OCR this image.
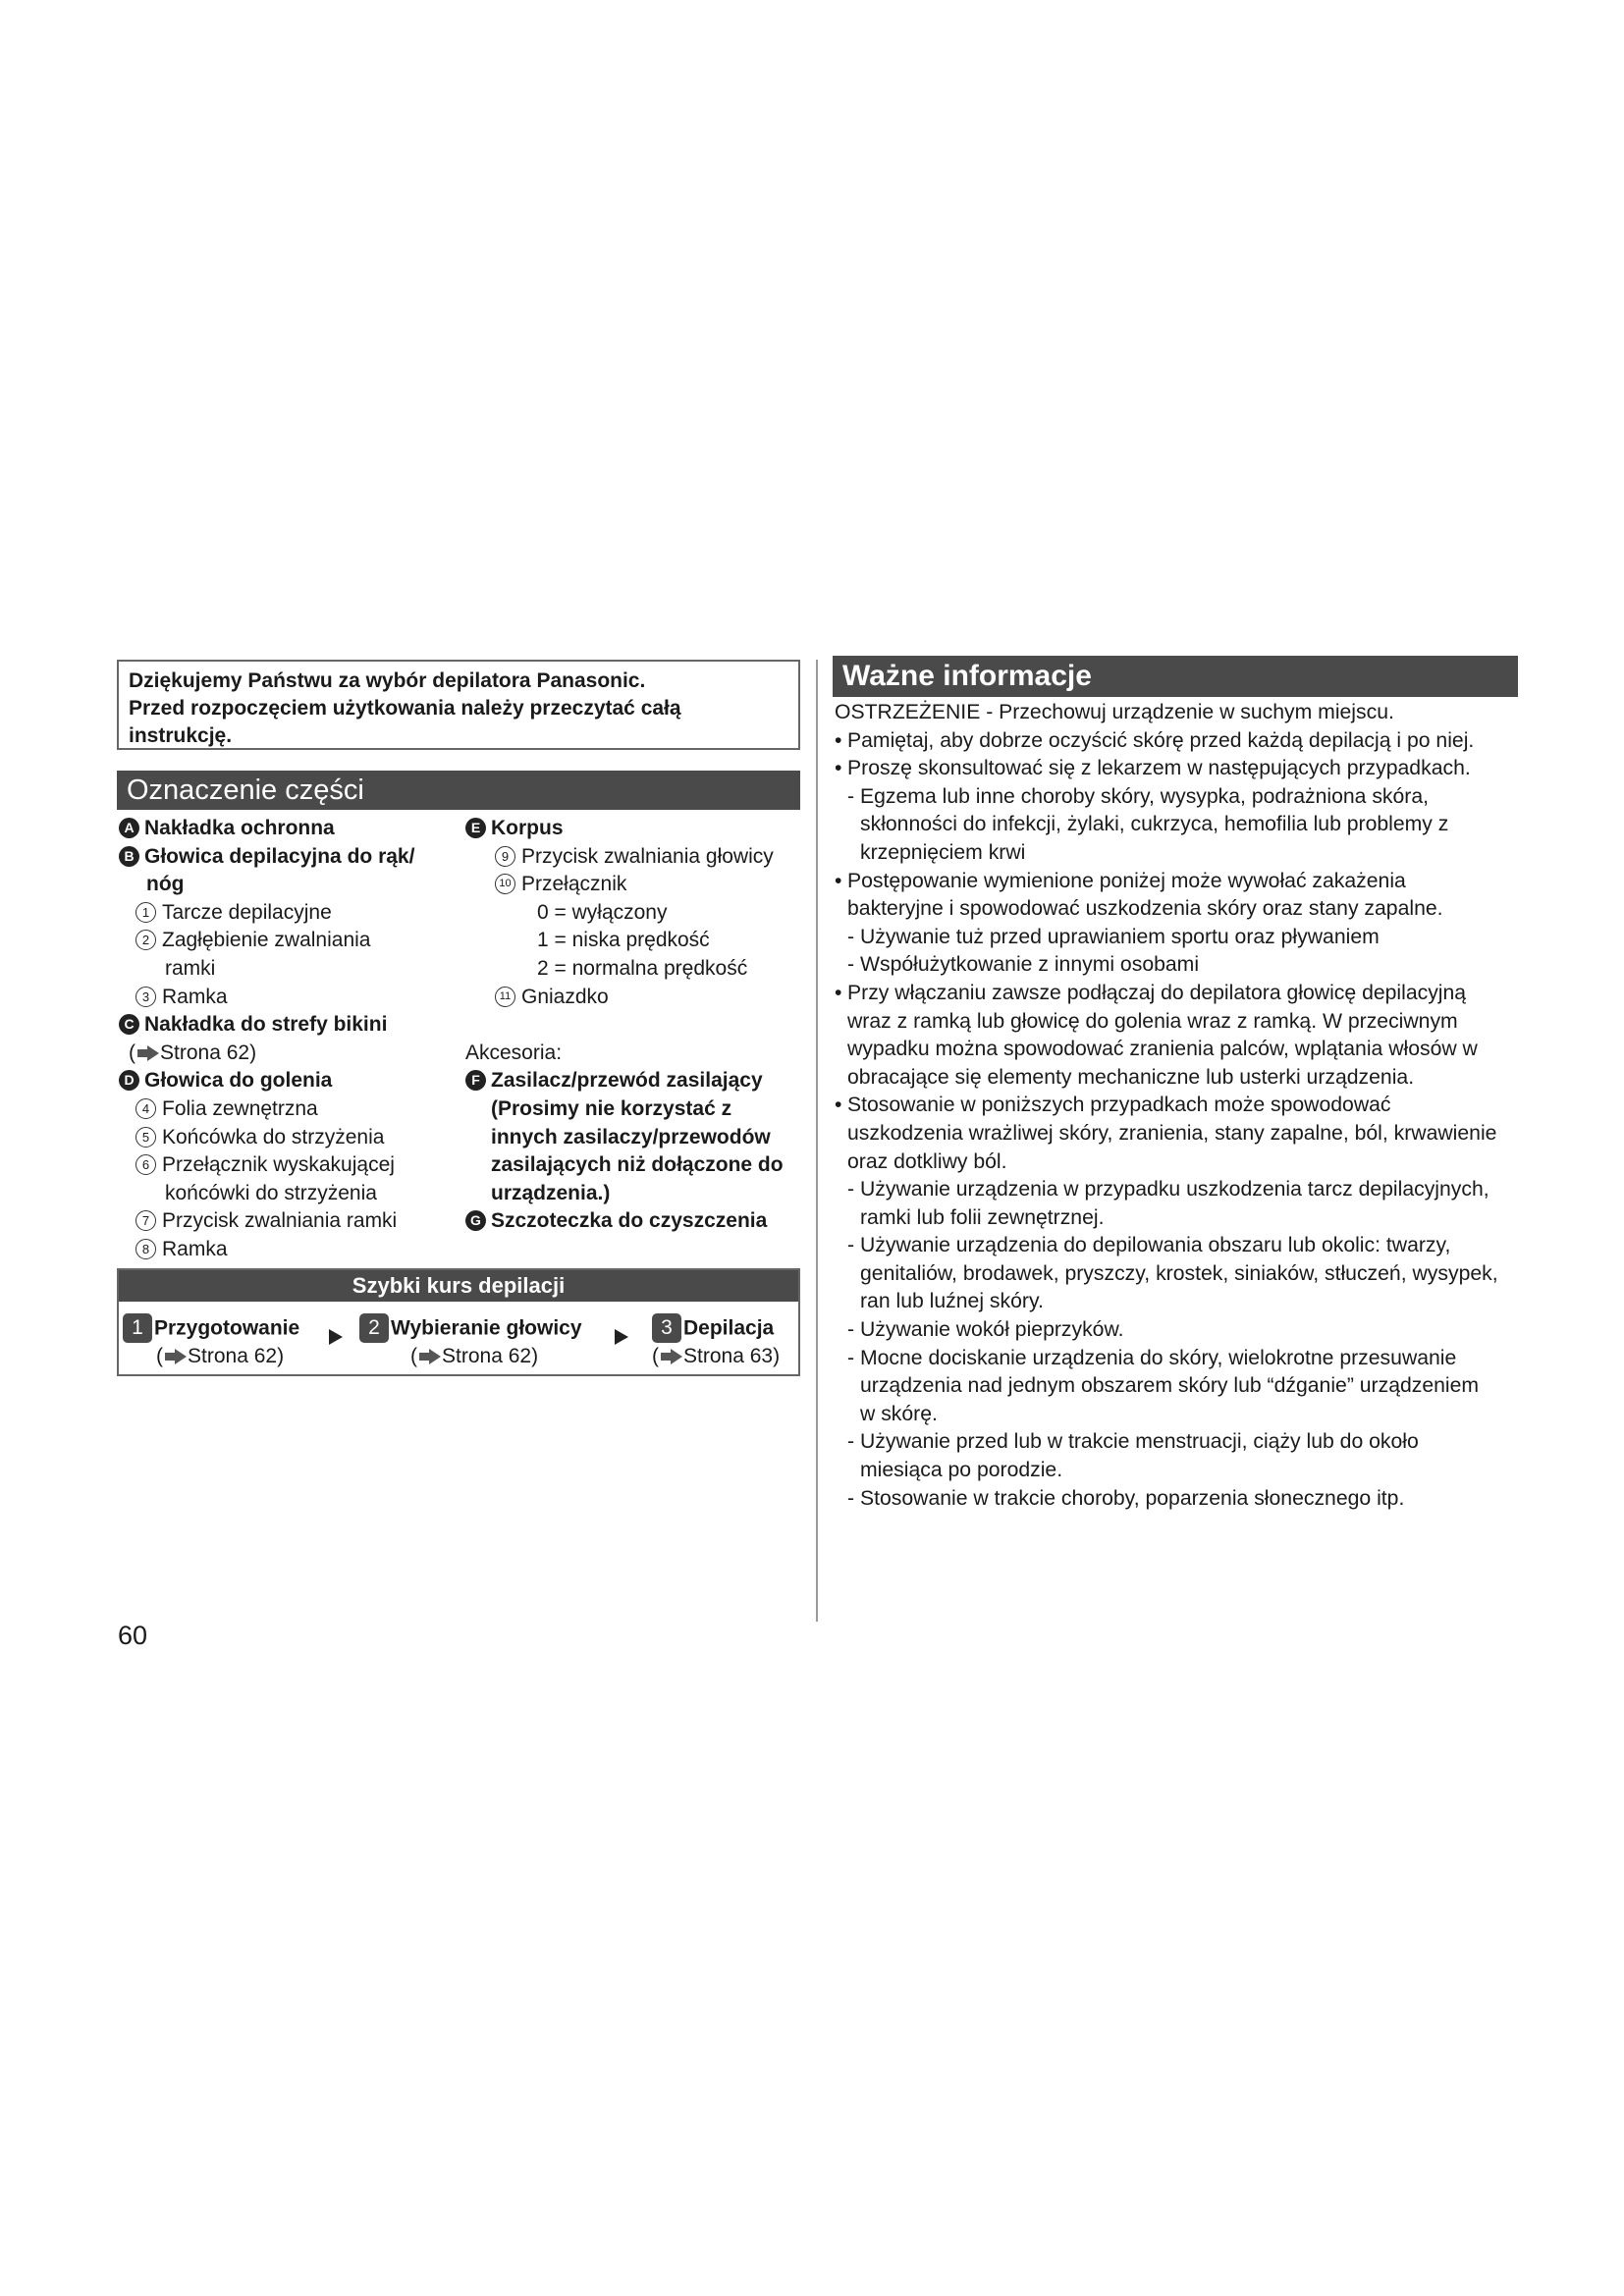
Dziękujemy Państwu za wybór depilatora Panasonic.
Przed rozpoczęciem użytkowania należy przeczytać całą
instrukcję.
Oznaczenie części
A Nakładka ochronna
B Głowica depilacyjna do rąk/
nóg
1 Tarcze depilacyjne
2 Zagłębienie zwalniania
ramki
3 Ramka
C Nakładka do strefy bikini
( Strona 62)
D Głowica do golenia
4 Folia zewnętrzna
5 Końcówka do strzyżenia
6 Przełącznik wyskakującej
końcówki do strzyżenia
7 Przycisk zwalniania ramki
8 Ramka
E Korpus
9 Przycisk zwalniania głowicy
10 Przełącznik
0 = wyłączony
1 = niska prędkość
2 = normalna prędkość
11 Gniazdko
Akcesoria:
F Zasilacz/przewód zasilający
(Prosimy nie korzystać z
innych zasilaczy/przewodów
zasilających niż dołączone do
urządzenia.)
G Szczoteczka do czyszczenia
Szybki kurs depilacji
1 Przygotowanie
( Strona 62)
2 Wybieranie głowicy
( Strona 62)
3 Depilacja
( Strona 63)
Ważne informacje
OSTRZEŻENIE - Przechowuj urządzenie w suchym miejscu.
• Pamiętaj, aby dobrze oczyścić skórę przed każdą depilacją i po niej.
• Proszę skonsultować się z lekarzem w następujących przypadkach.
- Egzema lub inne choroby skóry, wysypka, podrażniona skóra,
skłonności do infekcji, żylaki, cukrzyca, hemofilia lub problemy z
krzepnięciem krwi
• Postępowanie wymienione poniżej może wywołać zakażenia
bakteryjne i spowodować uszkodzenia skóry oraz stany zapalne.
- Używanie tuż przed uprawianiem sportu oraz pływaniem
- Współużytkowanie z innymi osobami
• Przy włączaniu zawsze podłączaj do depilatora głowicę depilacyjną
wraz z ramką lub głowicę do golenia wraz z ramką. W przeciwnym
wypadku można spowodować zranienia palców, wplątania włosów w
obracające się elementy mechaniczne lub usterki urządzenia.
• Stosowanie w poniższych przypadkach może spowodować
uszkodzenia wrażliwej skóry, zranienia, stany zapalne, ból, krwawienie
oraz dotkliwy ból.
- Używanie urządzenia w przypadku uszkodzenia tarcz depilacyjnych,
ramki lub folii zewnętrznej.
- Używanie urządzenia do depilowania obszaru lub okolic: twarzy,
genitaliów, brodawek, pryszczy, krostek, siniaków, stłuczeń, wysypek,
ran lub luźnej skóry.
- Używanie wokół pieprzyków.
- Mocne dociskanie urządzenia do skóry, wielokrotne przesuwanie
urządzenia nad jednym obszarem skóry lub “dźganie” urządzeniem
w skórę.
- Używanie przed lub w trakcie menstruacji, ciąży lub do około
miesiąca po porodzie.
- Stosowanie w trakcie choroby, poparzenia słonecznego itp.
60
